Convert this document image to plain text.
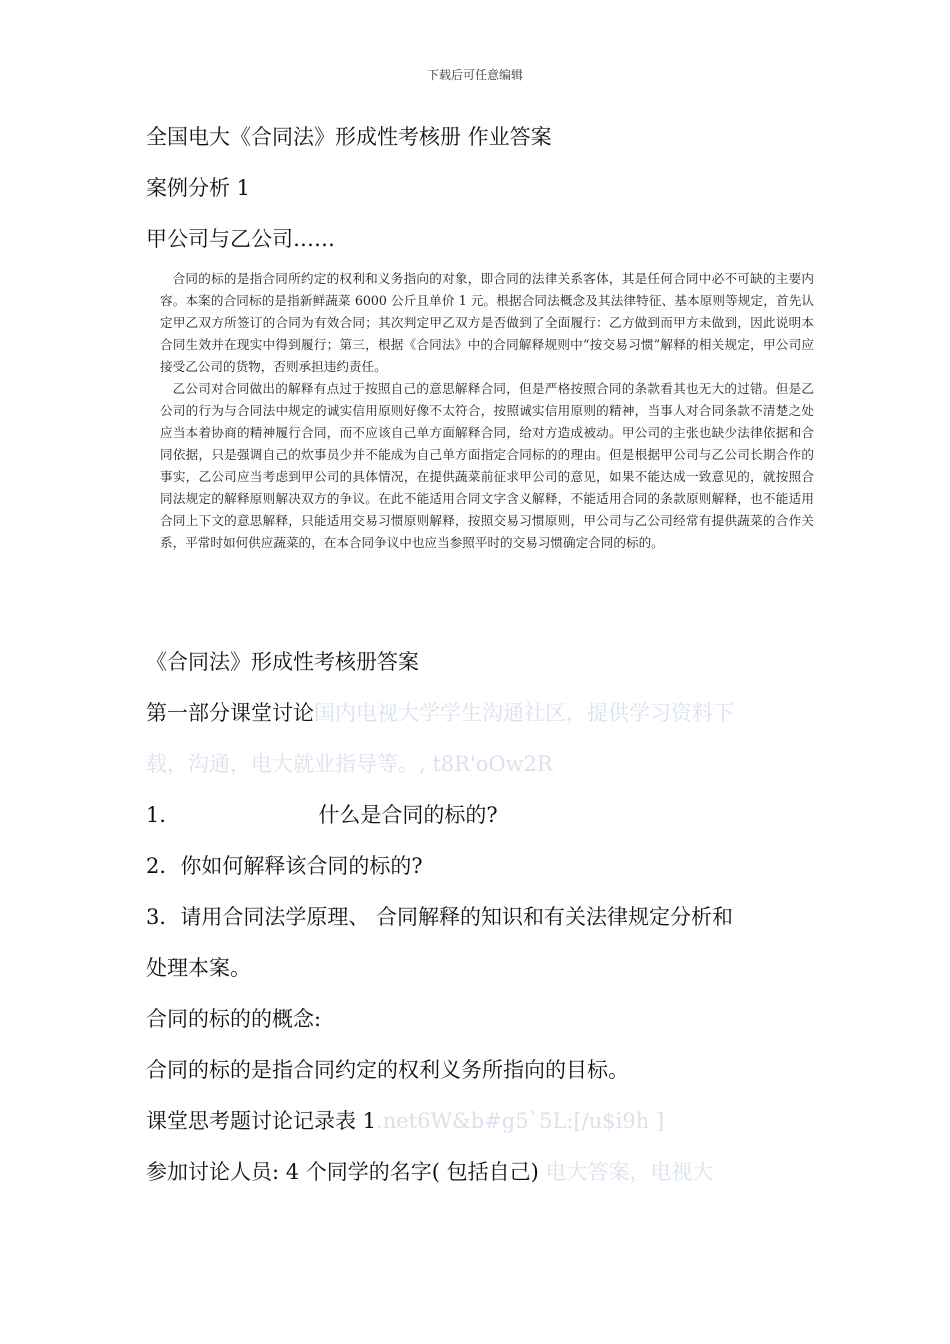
下载后可任意编辑
全国电大《合同法》形成性考核册 作业答案
案例分析 1
甲公司与乙公司……

合同的标的是指合同所约定的权利和义务指向的对象，即合同的法律关系客体，其是任何合同中必不可缺的主要内容。本案的合同标的是指新鲜蔬菜 6000 公斤且单价 1 元。根据合同法概念及其法律特征、基本原则等规定，首先认定甲乙双方所签订的合同为有效合同；其次判定甲乙双方是否做到了全面履行：乙方做到而甲方未做到，因此说明本合同生效并在现实中得到履行；第三，根据《合同法》中的合同解释规则中“按交易习惯”解释的相关规定，甲公司应接受乙公司的货物，否则承担违约责任。

乙公司对合同做出的解释有点过于按照自己的意思解释合同，但是严格按照合同的条款看其也无大的过错。但是乙公司的行为与合同法中规定的诚实信用原则好像不太符合，按照诚实信用原则的精神，当事人对合同条款不清楚之处应当本着协商的精神履行合同，而不应该自己单方面解释合同，给对方造成被动。甲公司的主张也缺少法律依据和合同依据，只是强调自己的炊事员少并不能成为自己单方面指定合同标的的理由。但是根据甲公司与乙公司长期合作的事实，乙公司应当考虑到甲公司的具体情况，在提供蔬菜前征求甲公司的意见，如果不能达成一致意见的，就按照合同法规定的解释原则解决双方的争议。在此不能适用合同文字含义解释，不能适用合同的条款原则解释，也不能适用合同上下文的意思解释，只能适用交易习惯原则解释，按照交易习惯原则，甲公司与乙公司经常有提供蔬菜的合作关系，平常时如何供应蔬菜的，在本合同争议中也应当参照平时的交易习惯确定合同的标的。

《合同法》形成性考核册答案
第一部分课堂讨论国内电视大学学生沟通社区，提供学习资料下
载，沟通，电大就业指导等。, t8R'oOw2R
1．	什么是合同的标的?
2．你如何解释该合同的标的?
3．请用合同法学原理、 合同解释的知识和有关法律规定分析和
处理本案。
合同的标的的概念:
合同的标的是指合同约定的权利义务所指向的目标。
课堂思考题讨论记录表 1.net6W&b#g5`5L:[/u$i9h ]
参加讨论人员: 4 个同学的名字( 包括自己) 电大答案，电视大
